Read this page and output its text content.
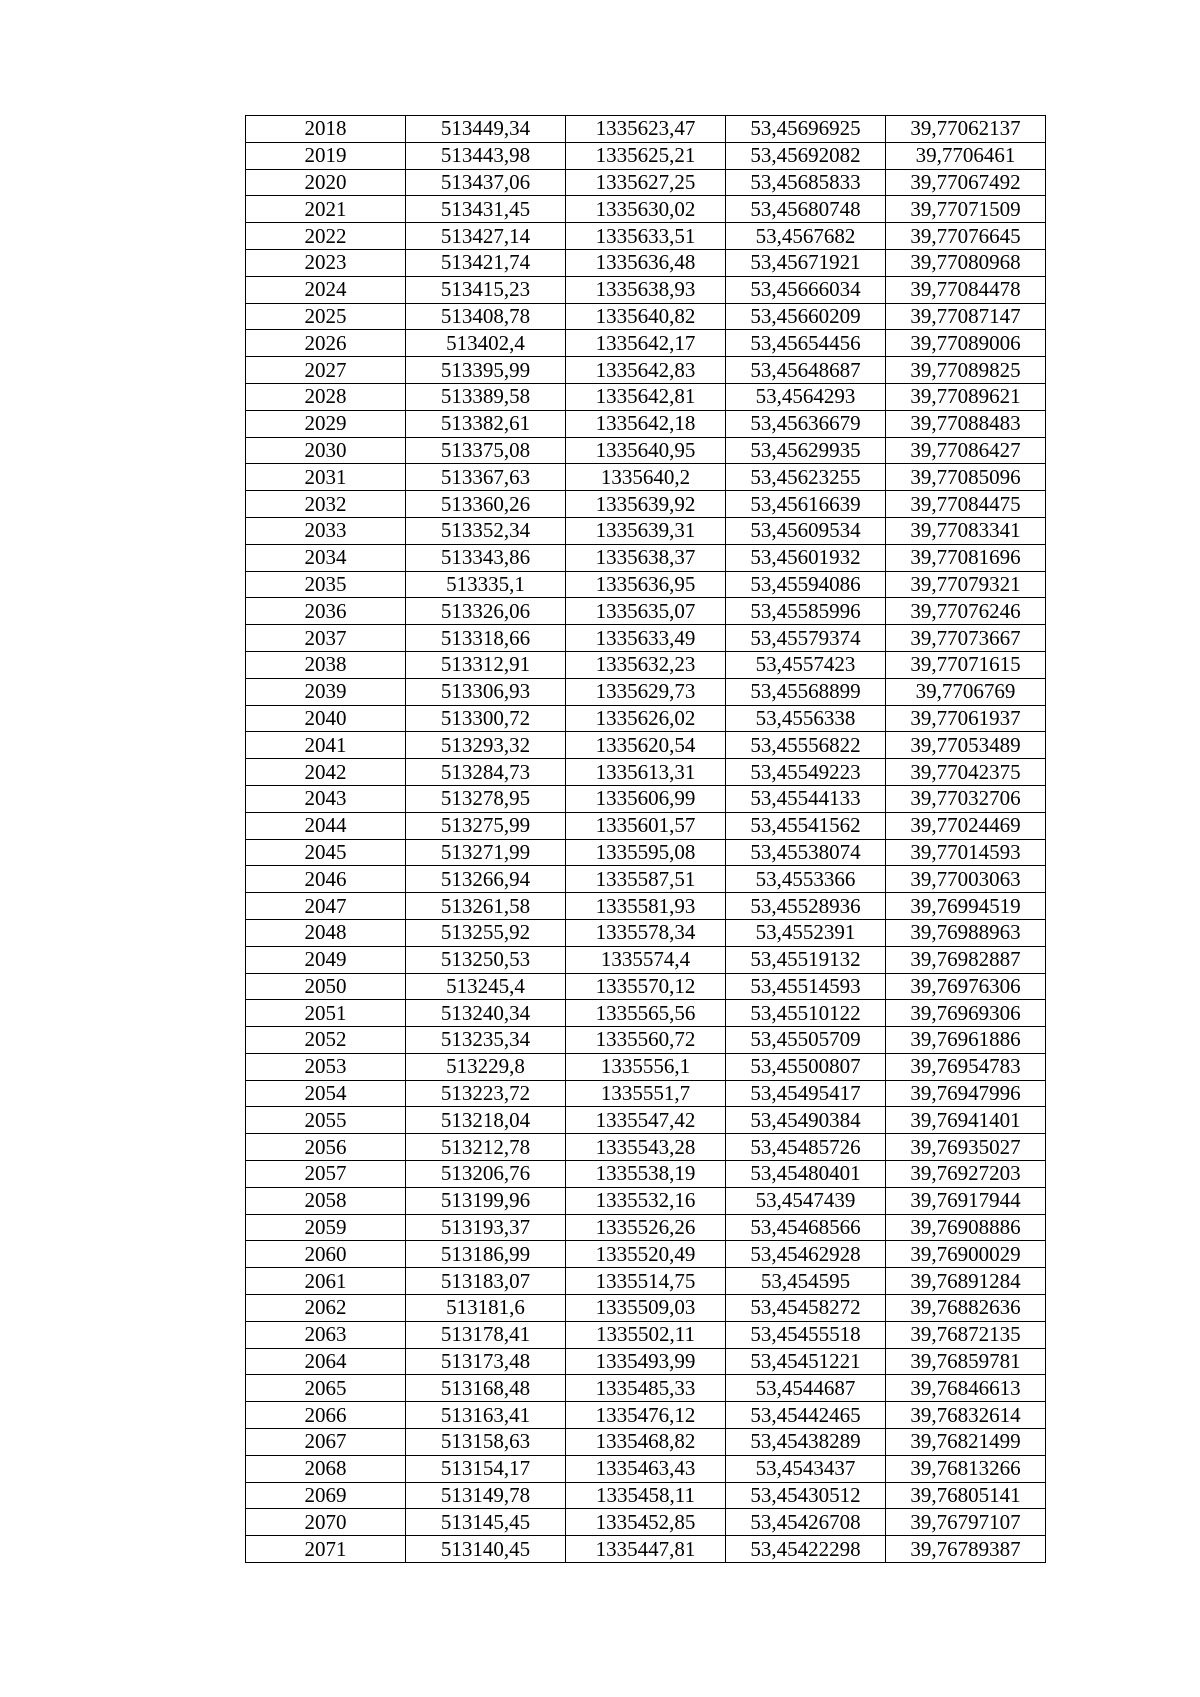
2018	513449,34	1335623,47	53,45696925	39,77062137
2019	513443,98	1335625,21	53,45692082	39,7706461
2020	513437,06	1335627,25	53,45685833	39,77067492
2021	513431,45	1335630,02	53,45680748	39,77071509
2022	513427,14	1335633,51	53,4567682	39,77076645
2023	513421,74	1335636,48	53,45671921	39,77080968
2024	513415,23	1335638,93	53,45666034	39,77084478
2025	513408,78	1335640,82	53,45660209	39,77087147
2026	513402,4	1335642,17	53,45654456	39,77089006
2027	513395,99	1335642,83	53,45648687	39,77089825
2028	513389,58	1335642,81	53,4564293	39,77089621
2029	513382,61	1335642,18	53,45636679	39,77088483
2030	513375,08	1335640,95	53,45629935	39,77086427
2031	513367,63	1335640,2	53,45623255	39,77085096
2032	513360,26	1335639,92	53,45616639	39,77084475
2033	513352,34	1335639,31	53,45609534	39,77083341
2034	513343,86	1335638,37	53,45601932	39,77081696
2035	513335,1	1335636,95	53,45594086	39,77079321
2036	513326,06	1335635,07	53,45585996	39,77076246
2037	513318,66	1335633,49	53,45579374	39,77073667
2038	513312,91	1335632,23	53,4557423	39,77071615
2039	513306,93	1335629,73	53,45568899	39,7706769
2040	513300,72	1335626,02	53,4556338	39,77061937
2041	513293,32	1335620,54	53,45556822	39,77053489
2042	513284,73	1335613,31	53,45549223	39,77042375
2043	513278,95	1335606,99	53,45544133	39,77032706
2044	513275,99	1335601,57	53,45541562	39,77024469
2045	513271,99	1335595,08	53,45538074	39,77014593
2046	513266,94	1335587,51	53,4553366	39,77003063
2047	513261,58	1335581,93	53,45528936	39,76994519
2048	513255,92	1335578,34	53,4552391	39,76988963
2049	513250,53	1335574,4	53,45519132	39,76982887
2050	513245,4	1335570,12	53,45514593	39,76976306
2051	513240,34	1335565,56	53,45510122	39,76969306
2052	513235,34	1335560,72	53,45505709	39,76961886
2053	513229,8	1335556,1	53,45500807	39,76954783
2054	513223,72	1335551,7	53,45495417	39,76947996
2055	513218,04	1335547,42	53,45490384	39,76941401
2056	513212,78	1335543,28	53,45485726	39,76935027
2057	513206,76	1335538,19	53,45480401	39,76927203
2058	513199,96	1335532,16	53,4547439	39,76917944
2059	513193,37	1335526,26	53,45468566	39,76908886
2060	513186,99	1335520,49	53,45462928	39,76900029
2061	513183,07	1335514,75	53,454595	39,76891284
2062	513181,6	1335509,03	53,45458272	39,76882636
2063	513178,41	1335502,11	53,45455518	39,76872135
2064	513173,48	1335493,99	53,45451221	39,76859781
2065	513168,48	1335485,33	53,4544687	39,76846613
2066	513163,41	1335476,12	53,45442465	39,76832614
2067	513158,63	1335468,82	53,45438289	39,76821499
2068	513154,17	1335463,43	53,4543437	39,76813266
2069	513149,78	1335458,11	53,45430512	39,76805141
2070	513145,45	1335452,85	53,45426708	39,76797107
2071	513140,45	1335447,81	53,45422298	39,76789387
